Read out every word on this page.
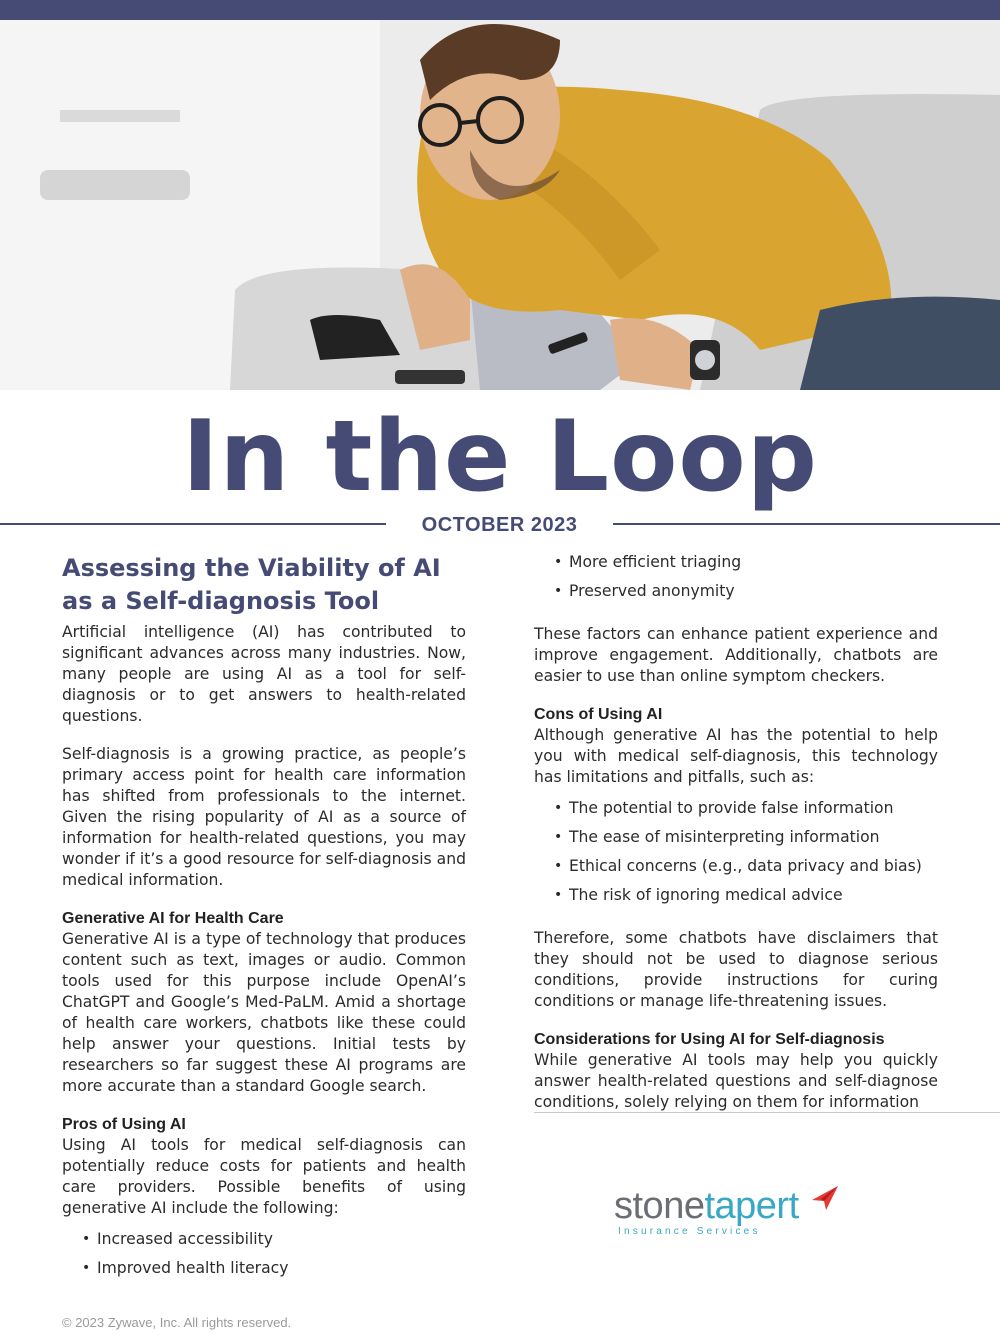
In the Loop
OCTOBER 2023
Assessing the Viability of AI
as a Self-diagnosis Tool

Artificial intelligence (AI) has contributed to significant advances across many industries. Now, many people are using AI as a tool for self-diagnosis or to get answers to health-related questions.

Self-diagnosis is a growing practice, as people’s primary access point for health care information has shifted from professionals to the internet. Given the rising popularity of AI as a source of information for health-related questions, you may wonder if it’s a good resource for self-diagnosis and medical information.

Generative AI for Health Care

Generative AI is a type of technology that produces content such as text, images or audio. Common tools used for this purpose include OpenAI’s ChatGPT and Google’s Med-PaLM. Amid a shortage of health care workers, chatbots like these could help answer your questions. Initial tests by researchers so far suggest these AI programs are more accurate than a standard Google search.

Pros of Using AI

Using AI tools for medical self-diagnosis can potentially reduce costs for patients and health care providers. Possible benefits of using generative AI include the following:

• Increased accessibility
• Improved health literacy
• More efficient triaging
• Preserved anonymity

These factors can enhance patient experience and improve engagement. Additionally, chatbots are easier to use than online symptom checkers.

Cons of Using AI

Although generative AI has the potential to help you with medical self-diagnosis, this technology has limitations and pitfalls, such as:

• The potential to provide false information
• The ease of misinterpreting information
• Ethical concerns (e.g., data privacy and bias)
• The risk of ignoring medical advice

Therefore, some chatbots have disclaimers that they should not be used to diagnose serious conditions, provide instructions for curing conditions or manage life-threatening issues.

Considerations for Using AI for Self-diagnosis

While generative AI tools may help you quickly answer health-related questions and self-diagnose conditions, solely relying on them for information

stonetapert
Insurance Services
© 2023 Zywave, Inc. All rights reserved.
